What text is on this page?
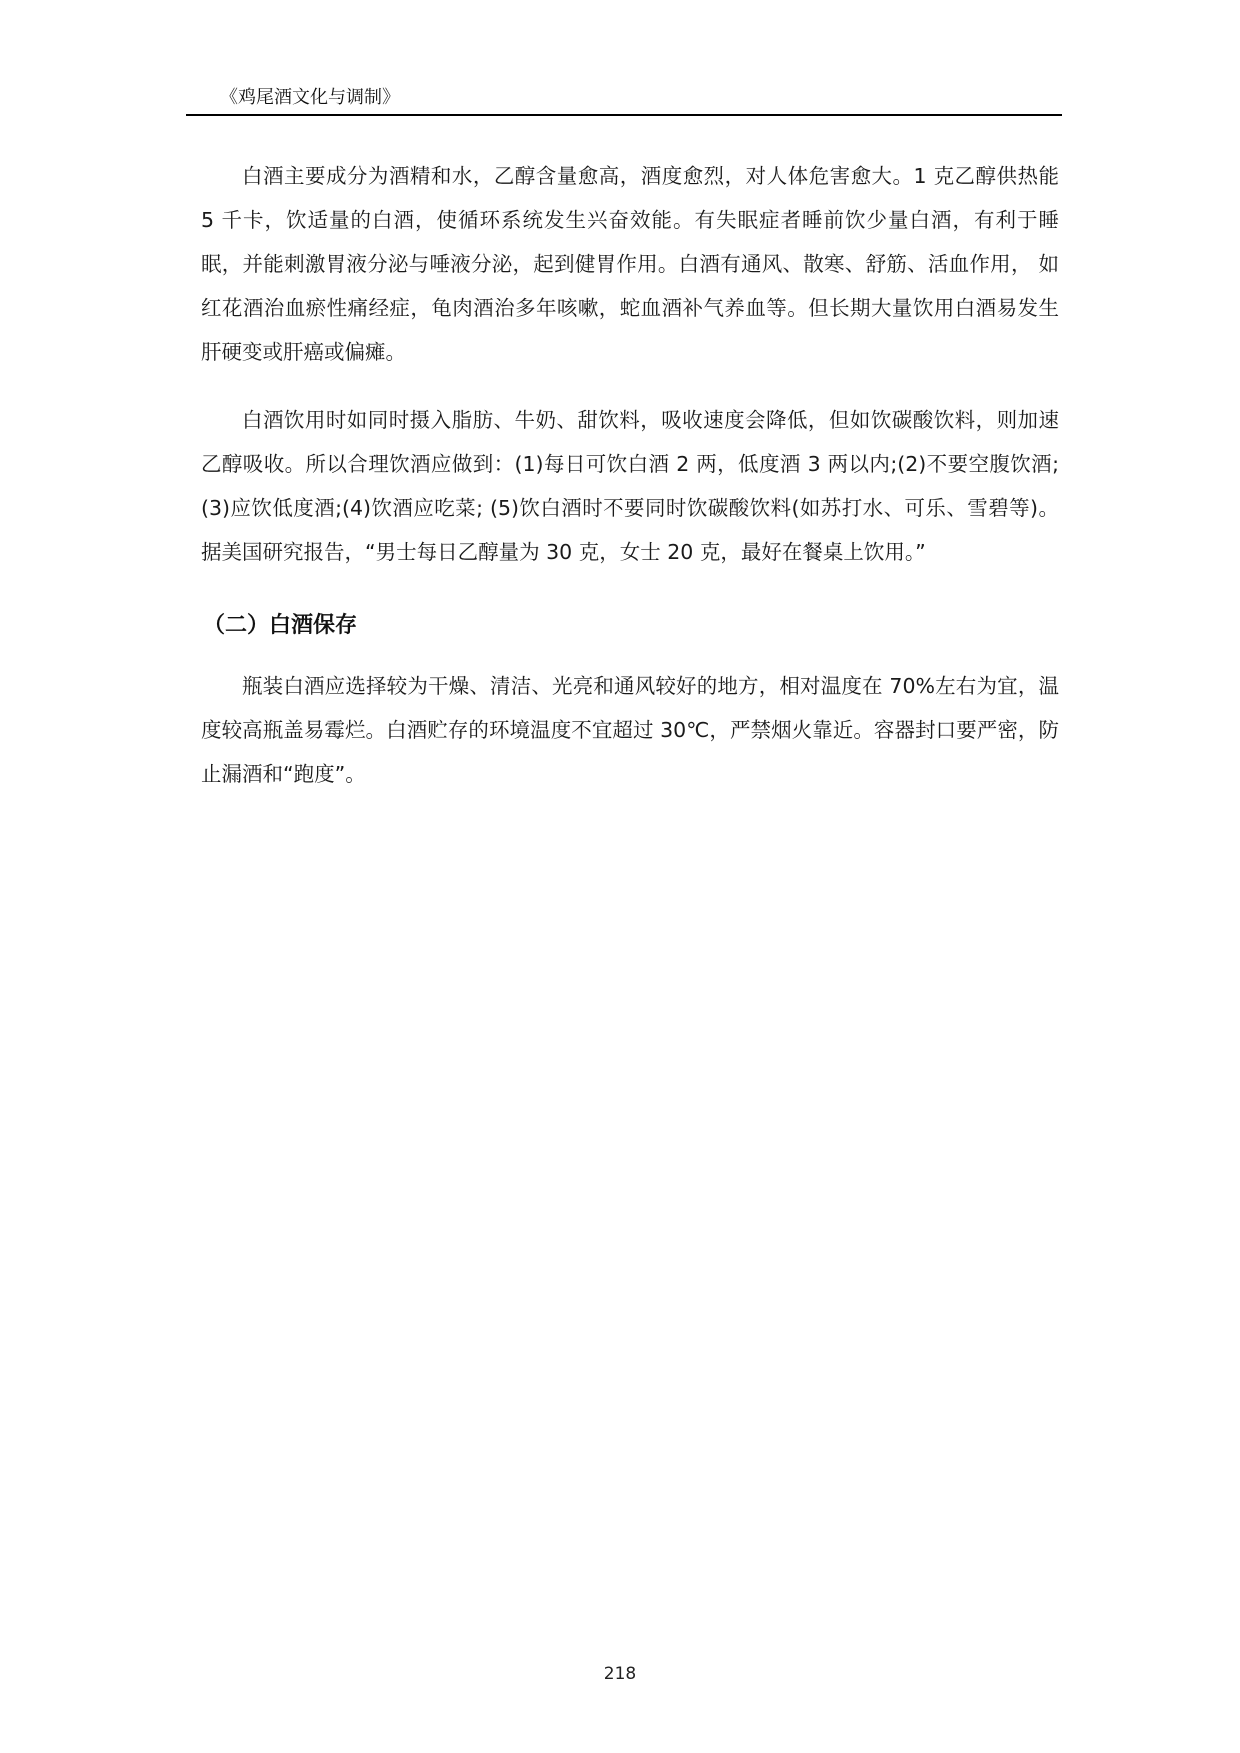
《鸡尾酒文化与调制》

白酒主要成分为酒精和水，乙醇含量愈高，酒度愈烈，对人体危害愈大。1 克乙醇供热能 5 千卡，饮适量的白酒，使循环系统发生兴奋效能。有失眠症者睡前饮少量白酒，有利于睡眠，并能刺激胃液分泌与唾液分泌，起到健胃作用。白酒有通风、散寒、舒筋、活血作用， 如红花酒治血瘀性痛经症，龟肉酒治多年咳嗽，蛇血酒补气养血等。但长期大量饮用白酒易发生肝硬变或肝癌或偏瘫。

白酒饮用时如同时摄入脂肪、牛奶、甜饮料，吸收速度会降低，但如饮碳酸饮料，则加速乙醇吸收。所以合理饮酒应做到：(1)每日可饮白酒 2 两，低度酒 3 两以内;(2)不要空腹饮酒;(3)应饮低度酒;(4)饮酒应吃菜; (5)饮白酒时不要同时饮碳酸饮料(如苏打水、可乐、雪碧等)。据美国研究报告，“男士每日乙醇量为 30 克，女士 20 克，最好在餐桌上饮用。”

（二）白酒保存

瓶装白酒应选择较为干燥、清洁、光亮和通风较好的地方，相对温度在 70%左右为宜，温度较高瓶盖易霉烂。白酒贮存的环境温度不宜超过 30℃，严禁烟火靠近。容器封口要严密，防止漏酒和“跑度”。

218
